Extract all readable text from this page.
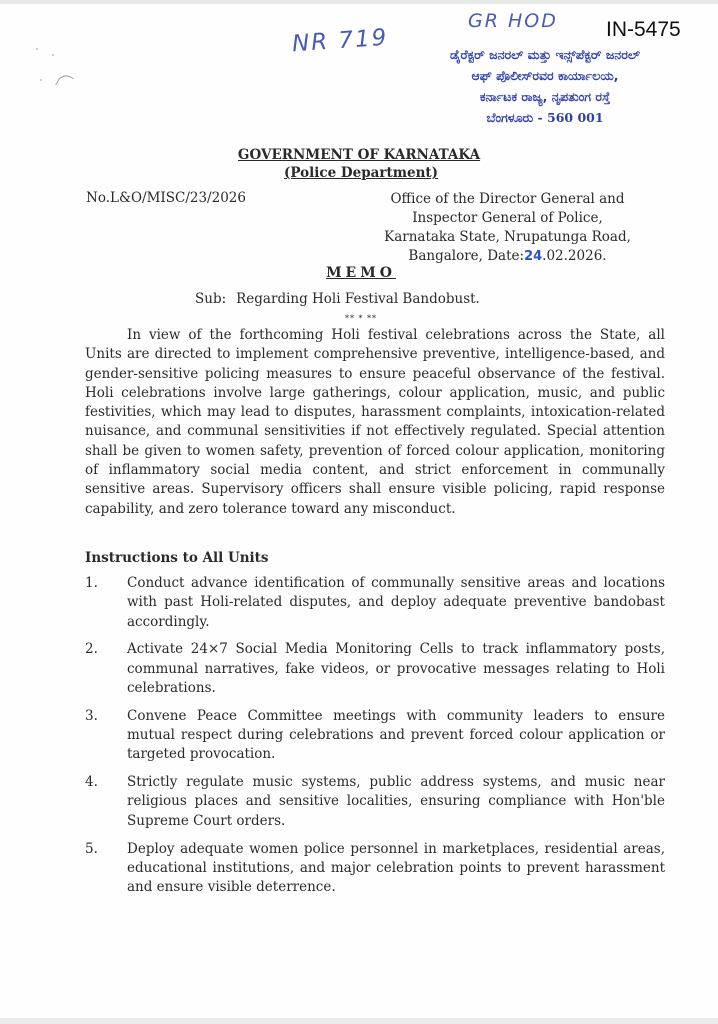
NR 719
GR HOD IN-5475
ಡೈರೆಕ್ಟರ್ ಜನರಲ್ ಮತ್ತು ಇನ್ಸ್‌ಪೆಕ್ಟರ್ ಜನರಲ್
ಆಫ್ ಪೊಲೀಸ್‌ರವರ ಕಾರ್ಯಾಲಯ,
ಕರ್ನಾಟಕ ರಾಜ್ಯ, ನೃಪತುಂಗ ರಸ್ತೆ
ಬೆಂಗಳೂರು - 560 001
GOVERNMENT OF KARNATAKA
(Police Department)
No.L&O/MISC/23/2026	Office of the Director General and
Inspector General of Police,
Karnataka State, Nrupatunga Road,
Bangalore, Date:24.02.2026.
MEMO
Sub: Regarding Holi Festival Bandobust.
** * **

In view of the forthcoming Holi festival celebrations across the State, all Units are directed to implement comprehensive preventive, intelligence-based, and gender-sensitive policing measures to ensure peaceful observance of the festival. Holi celebrations involve large gatherings, colour application, music, and public festivities, which may lead to disputes, harassment complaints, intoxication-related nuisance, and communal sensitivities if not effectively regulated. Special attention shall be given to women safety, prevention of forced colour application, monitoring of inflammatory social media content, and strict enforcement in communally sensitive areas. Supervisory officers shall ensure visible policing, rapid response capability, and zero tolerance toward any misconduct.

Instructions to All Units
1.	Conduct advance identification of communally sensitive areas and locations with past Holi-related disputes, and deploy adequate preventive bandobast accordingly.
2.	Activate 24×7 Social Media Monitoring Cells to track inflammatory posts, communal narratives, fake videos, or provocative messages relating to Holi celebrations.
3.	Convene Peace Committee meetings with community leaders to ensure mutual respect during celebrations and prevent forced colour application or targeted provocation.
4.	Strictly regulate music systems, public address systems, and music near religious places and sensitive localities, ensuring compliance with Hon'ble Supreme Court orders.
5.	Deploy adequate women police personnel in marketplaces, residential areas, educational institutions, and major celebration points to prevent harassment and ensure visible deterrence.
